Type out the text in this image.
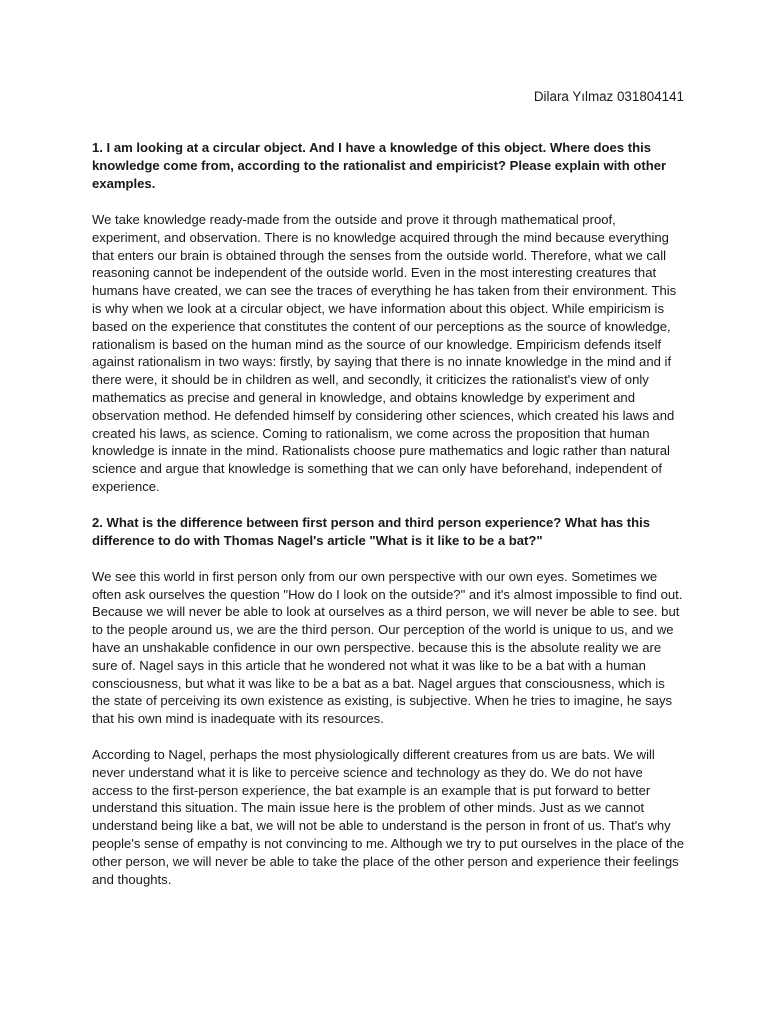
Dilara Yılmaz 031804141

1. I am looking at a circular object. And I have a knowledge of this object. Where does this knowledge come from, according to the rationalist and empiricist? Please explain with other examples.

We take knowledge ready-made from the outside and prove it through mathematical proof, experiment, and observation. There is no knowledge acquired through the mind because everything that enters our brain is obtained through the senses from the outside world. Therefore, what we call reasoning cannot be independent of the outside world. Even in the most interesting creatures that humans have created, we can see the traces of everything he has taken from their environment. This is why when we look at a circular object, we have information about this object. While empiricism is based on the experience that constitutes the content of our perceptions as the source of knowledge, rationalism is based on the human mind as the source of our knowledge. Empiricism defends itself against rationalism in two ways: firstly, by saying that there is no innate knowledge in the mind and if there were, it should be in children as well, and secondly, it criticizes the rationalist's view of only mathematics as precise and general in knowledge, and obtains knowledge by experiment and observation method. He defended himself by considering other sciences, which created his laws and created his laws, as science. Coming to rationalism, we come across the proposition that human knowledge is innate in the mind. Rationalists choose pure mathematics and logic rather than natural science and argue that knowledge is something that we can only have beforehand, independent of experience.

2. What is the difference between first person and third person experience? What has this difference to do with Thomas Nagel's article "What is it like to be a bat?"

We see this world in first person only from our own perspective with our own eyes. Sometimes we often ask ourselves the question "How do I look on the outside?" and it's almost impossible to find out. Because we will never be able to look at ourselves as a third person, we will never be able to see. but to the people around us, we are the third person. Our perception of the world is unique to us, and we have an unshakable confidence in our own perspective. because this is the absolute reality we are sure of. Nagel says in this article that he wondered not what it was like to be a bat with a human consciousness, but what it was like to be a bat as a bat. Nagel argues that consciousness, which is the state of perceiving its own existence as existing, is subjective. When he tries to imagine, he says that his own mind is inadequate with its resources.

According to Nagel, perhaps the most physiologically different creatures from us are bats. We will never understand what it is like to perceive science and technology as they do. We do not have access to the first-person experience, the bat example is an example that is put forward to better understand this situation. The main issue here is the problem of other minds. Just as we cannot understand being like a bat, we will not be able to understand is the person in front of us. That's why people's sense of empathy is not convincing to me. Although we try to put ourselves in the place of the other person, we will never be able to take the place of the other person and experience their feelings and thoughts.
